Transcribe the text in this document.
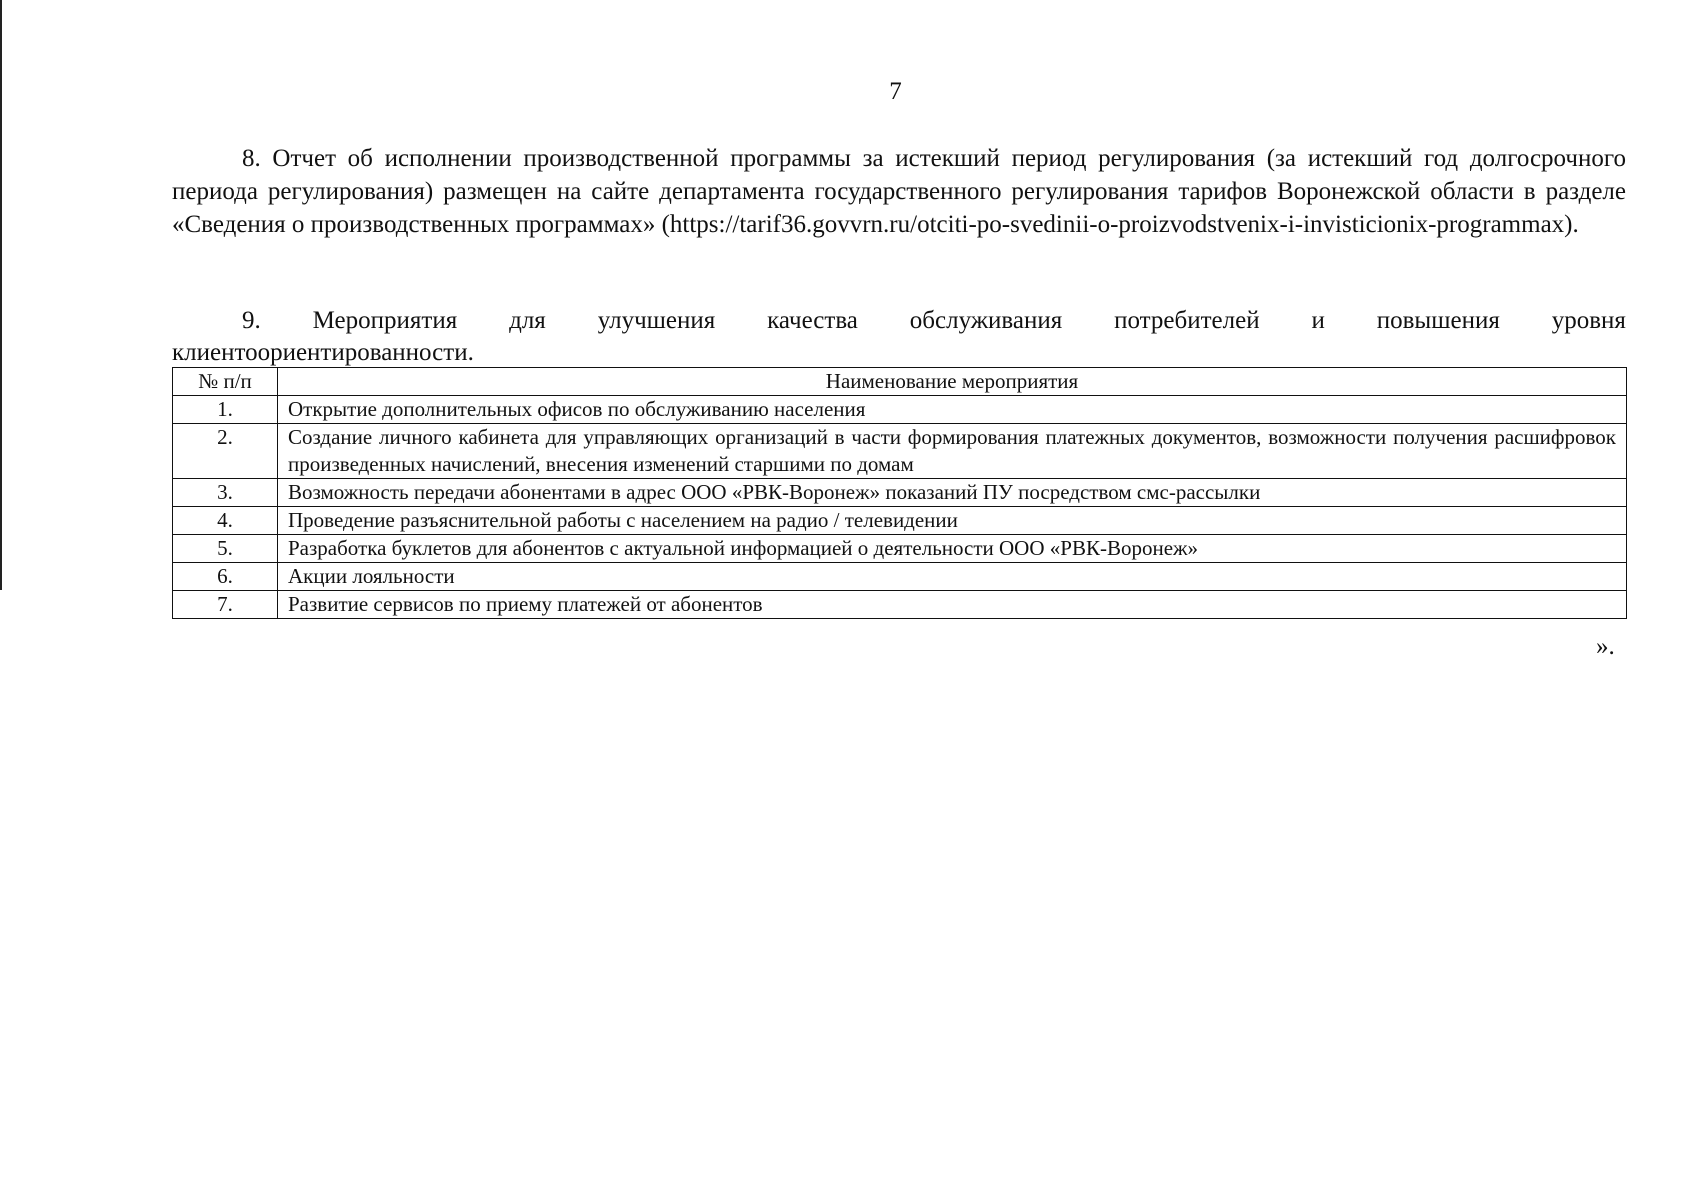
7
8. Отчет об исполнении производственной программы за истекший период регулирования (за истекший год долгосрочного периода регулирования) размещен на сайте департамента государственного регулирования тарифов Воронежской области в разделе «Сведения о производственных программах» (https://tarif36.govvrn.ru/otciti-po-svedinii-o-proizvodstvenix-i-invisticionix-programmax).
9. Мероприятия для улучшения качества обслуживания потребителей и повышения уровня
клиентоориентированности.
№ п/п	Наименование мероприятия
1.	Открытие дополнительных офисов по обслуживанию населения
2.	Создание личного кабинета для управляющих организаций в части формирования платежных документов, возможности получения расшифровок произведенных начислений, внесения изменений старшими по домам
3.	Возможность передачи абонентами в адрес ООО «РВК-Воронеж» показаний ПУ посредством смс-рассылки
4.	Проведение разъяснительной работы с населением на радио / телевидении
5.	Разработка буклетов для абонентов с актуальной информацией о деятельности ООО «РВК-Воронеж»
6.	Акции лояльности
7.	Развитие сервисов по приему платежей от абонентов
».
